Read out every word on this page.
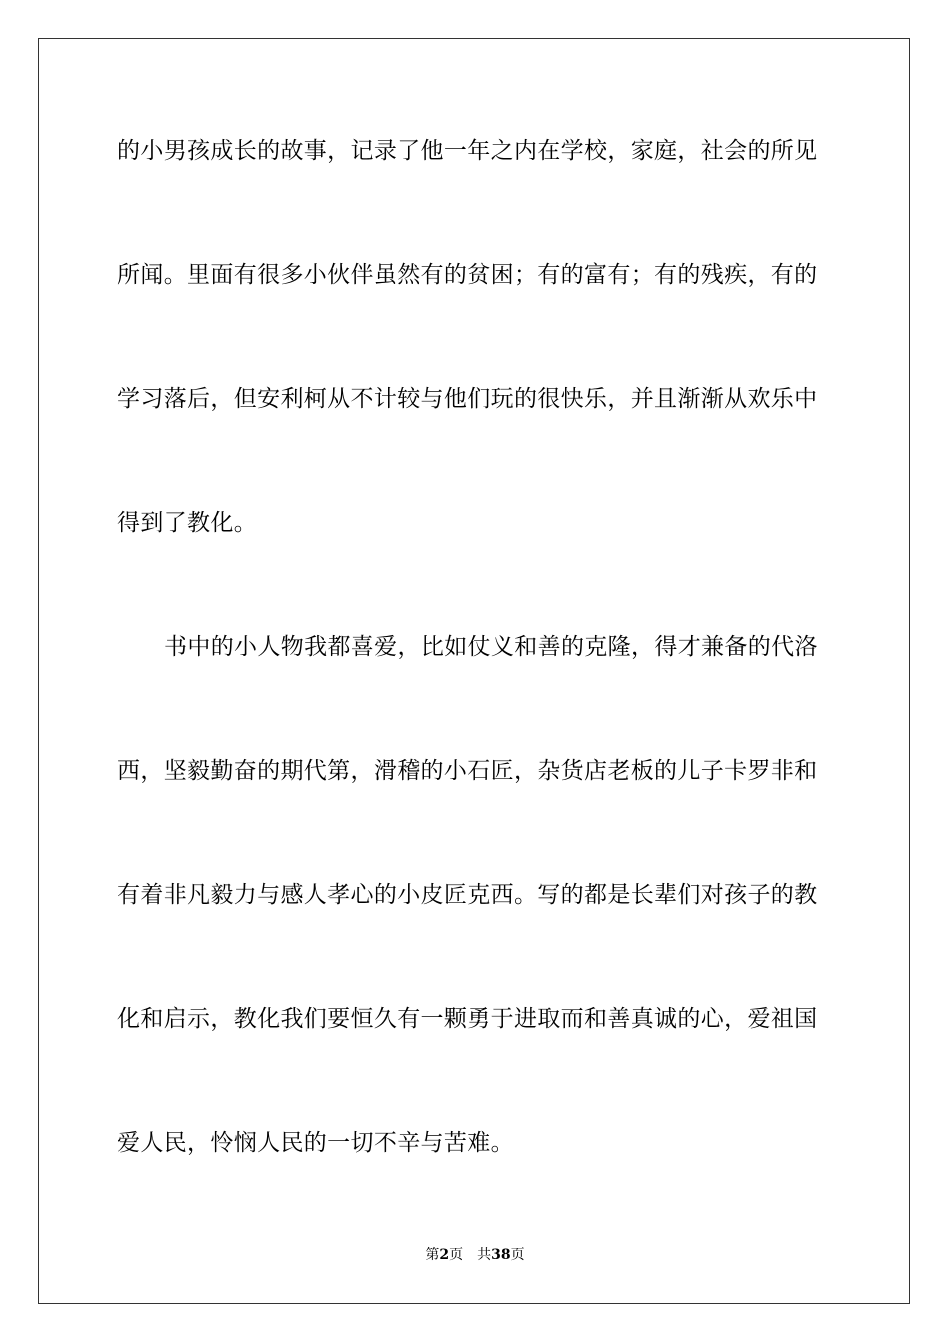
的小男孩成长的故事，记录了他一年之内在学校，家庭，社会的所见
所闻。里面有很多小伙伴虽然有的贫困；有的富有；有的残疾，有的
学习落后，但安利柯从不计较与他们玩的很快乐，并且渐渐从欢乐中
得到了教化。
书中的小人物我都喜爱，比如仗义和善的克隆，得才兼备的代洛
西，坚毅勤奋的期代第，滑稽的小石匠，杂货店老板的儿子卡罗非和
有着非凡毅力与感人孝心的小皮匠克西。写的都是长辈们对孩子的教
化和启示，教化我们要恒久有一颗勇于进取而和善真诚的心，爱祖国
爱人民，怜悯人民的一切不辛与苦难。
第2页 共38页
